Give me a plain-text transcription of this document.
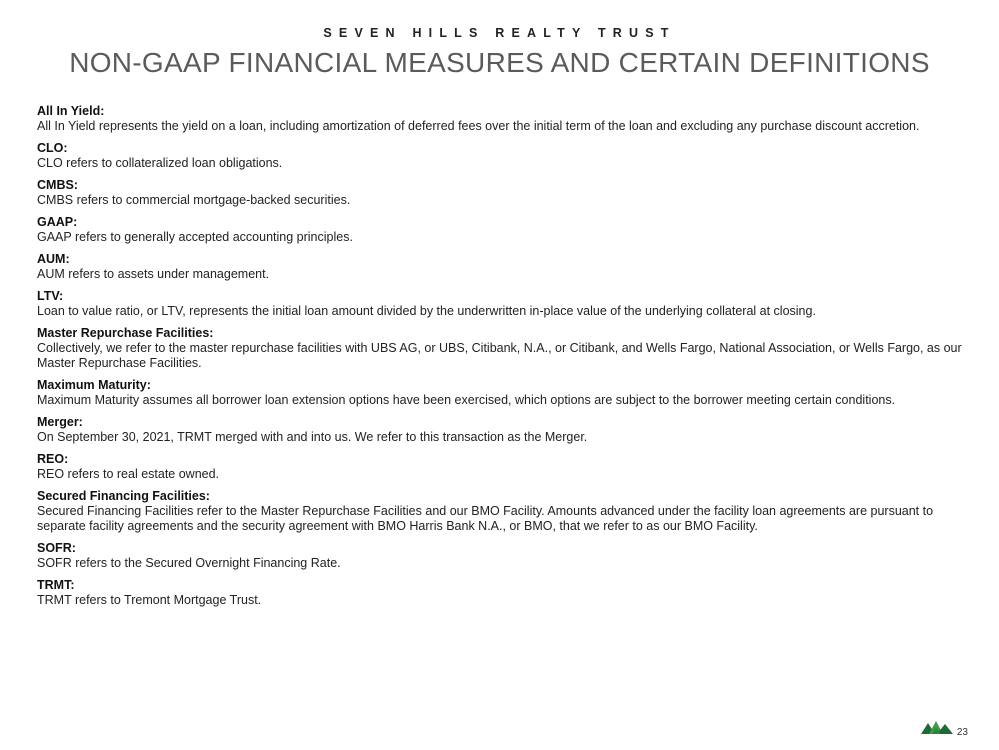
SEVEN HILLS REALTY TRUST
NON-GAAP FINANCIAL MEASURES AND CERTAIN DEFINITIONS
All In Yield:
All In Yield represents the yield on a loan, including amortization of deferred fees over the initial term of the loan and excluding any purchase discount accretion.
CLO:
CLO refers to collateralized loan obligations.
CMBS:
CMBS refers to commercial mortgage-backed securities.
GAAP:
GAAP refers to generally accepted accounting principles.
AUM:
AUM refers to assets under management.
LTV:
Loan to value ratio, or LTV, represents the initial loan amount divided by the underwritten in-place value of the underlying collateral at closing.
Master Repurchase Facilities:
Collectively, we refer to the master repurchase facilities with UBS AG, or UBS, Citibank, N.A., or Citibank, and Wells Fargo, National Association, or Wells Fargo, as our Master Repurchase Facilities.
Maximum Maturity:
Maximum Maturity assumes all borrower loan extension options have been exercised, which options are subject to the borrower meeting certain conditions.
Merger:
On September 30, 2021, TRMT merged with and into us. We refer to this transaction as the Merger.
REO:
REO refers to real estate owned.
Secured Financing Facilities:
Secured Financing Facilities refer to the Master Repurchase Facilities and our BMO Facility. Amounts advanced under the facility loan agreements are pursuant to separate facility agreements and the security agreement with BMO Harris Bank N.A., or BMO, that we refer to as our BMO Facility.
SOFR:
SOFR refers to the Secured Overnight Financing Rate.
TRMT:
TRMT refers to Tremont Mortgage Trust.
23
